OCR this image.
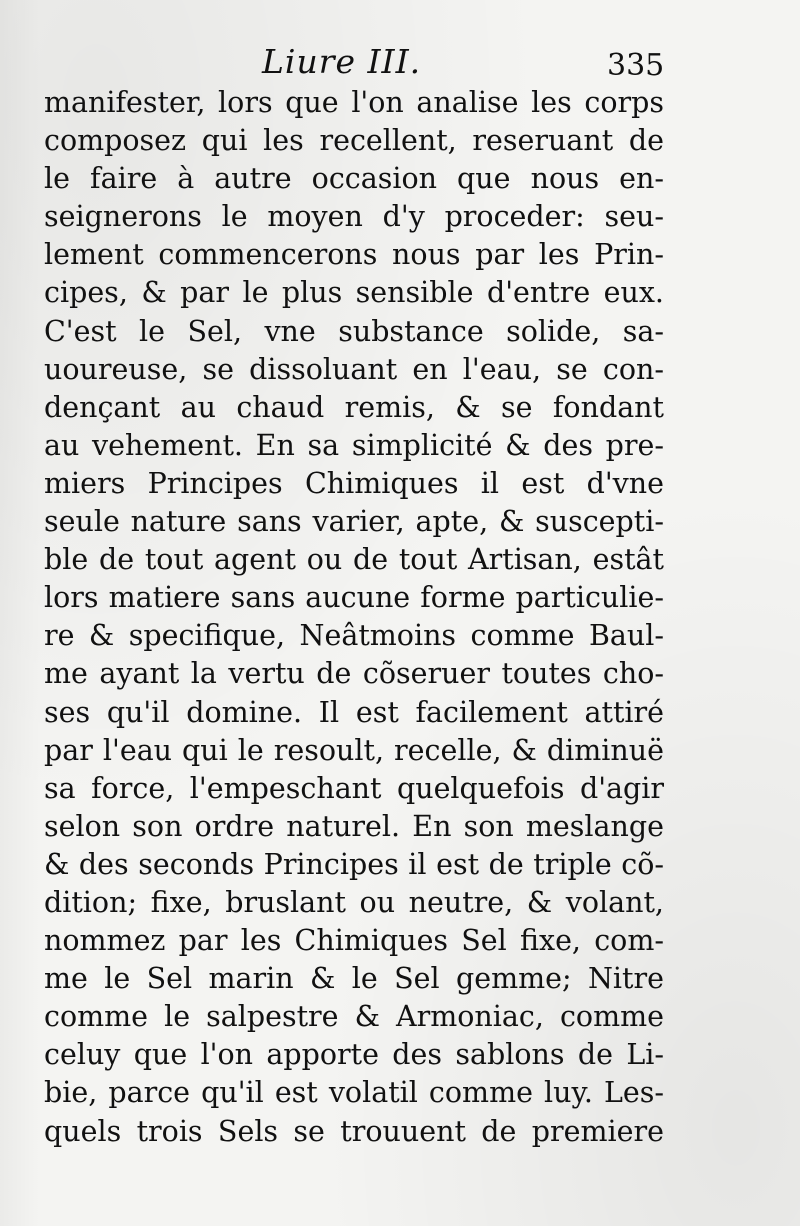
Liure III.	335
manifester, lors que l'on analise les corps
composez qui les recellent, reseruant de
le faire à autre occasion que nous en-
seignerons le moyen d'y proceder: seu-
lement commencerons nous par les Prin-
cipes, & par le plus sensible d'entre eux.
C'est le Sel, vne substance solide, sa-
uoureuse, se dissoluant en l'eau, se con-
dençant au chaud remis, & se fondant
au vehement. En sa simplicité & des pre-
miers Principes Chimiques il est d'vne
seule nature sans varier, apte, & suscepti-
ble de tout agent ou de tout Artisan, estât
lors matiere sans aucune forme particulie-
re & specifique, Neâtmoins comme Baul-
me ayant la vertu de cõseruer toutes cho-
ses qu'il domine. Il est facilement attiré
par l'eau qui le resoult, recelle, & diminuë
sa force, l'empeschant quelquefois d'agir
selon son ordre naturel. En son meslange
& des seconds Principes il est de triple cõ-
dition; fixe, bruslant ou neutre, & volant,
nommez par les Chimiques Sel fixe, com-
me le Sel marin & le Sel gemme; Nitre
comme le salpestre & Armoniac, comme
celuy que l'on apporte des sablons de Li-
bie, parce qu'il est volatil comme luy. Les-
quels trois Sels se trouuent de premiere
